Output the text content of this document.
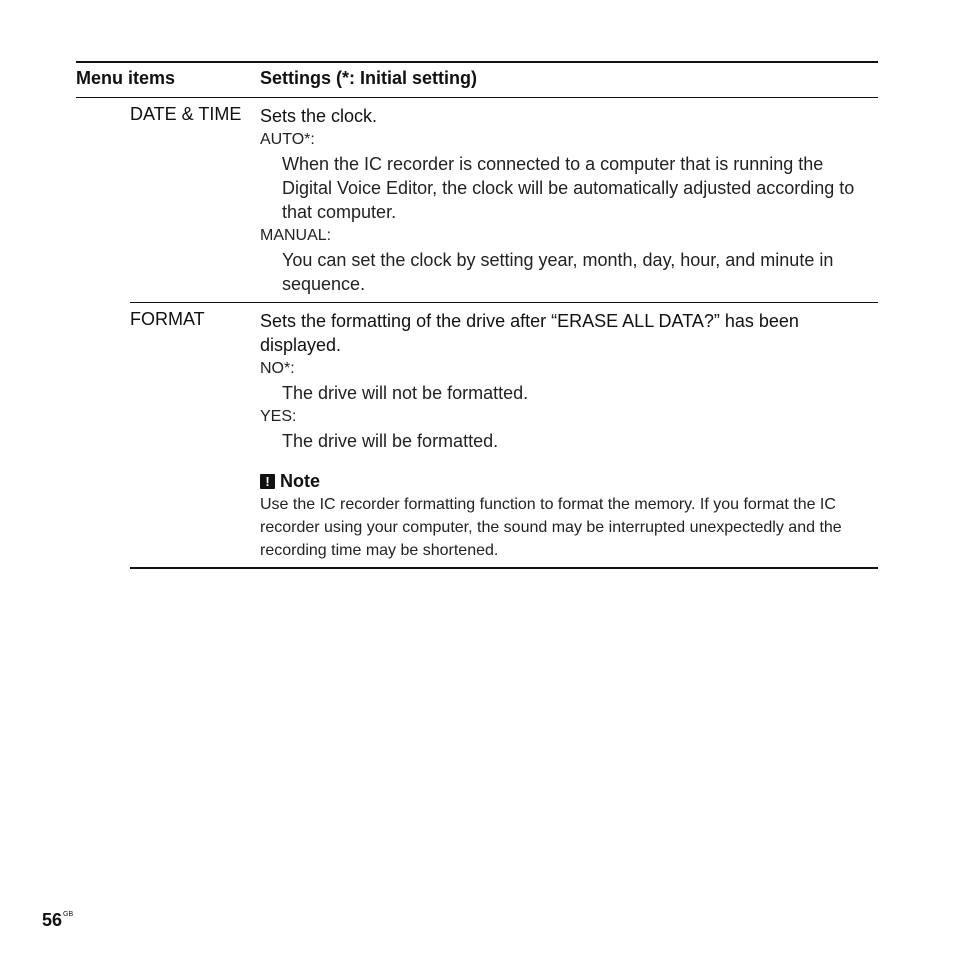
Menu items	Settings (*: Initial setting)
DATE & TIME Sets the clock.
AUTO*:
When the IC recorder is connected to a computer that is running the Digital Voice Editor, the clock will be automatically adjusted according to that computer.
MANUAL:
You can set the clock by setting year, month, day, hour, and minute in sequence.
FORMAT	Sets the formatting of the drive after “ERASE ALL DATA?” has been displayed.
NO*:
The drive will not be formatted.
YES:
The drive will be formatted.
! Note
Use the IC recorder formatting function to format the memory. If you format the IC recorder using your computer, the sound may be interrupted unexpectedly and the recording time may be shortened.
$56^{GB}$
